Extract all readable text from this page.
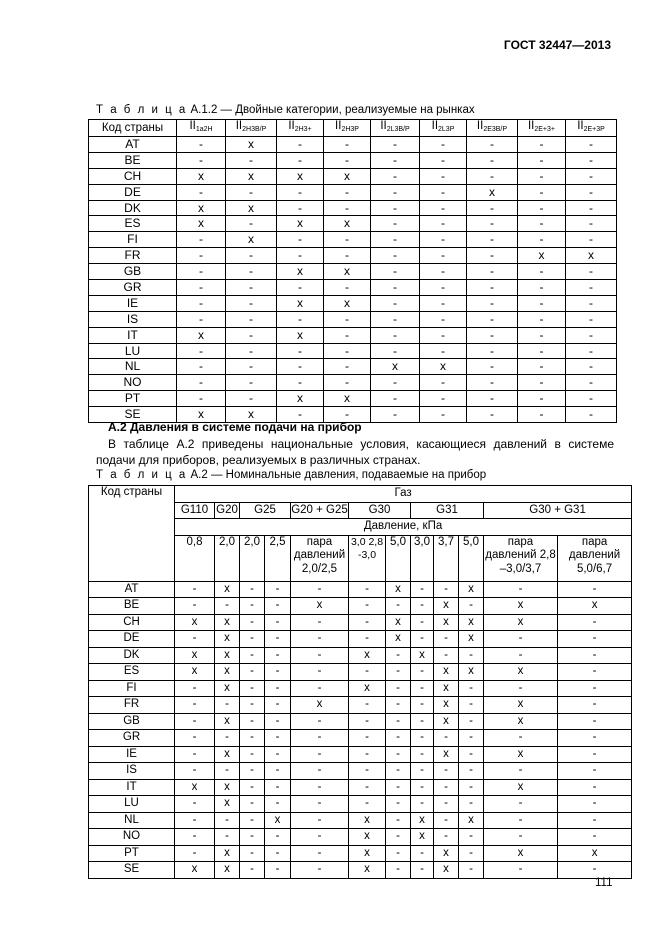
ГОСТ 32447—2013
Т а б л и ц а А.1.2 — Двойные категории, реализуемые на рынках
Код страны	$II_{1a2H}$	$II_{2H3B/P}$	$II_{2H3+}$	$II_{2H3P}$	$II_{2L3B/P}$	$II_{2L3P}$	$II_{2E3B/P}$	$II_{2E+3+}$	$II_{2E+3P}$
AT	-	x	-	-	-	-	-	-	-
BE	-	-	-	-	-	-	-	-	-
CH	x	x	x	x	-	-	-	-	-
DE	-	-	-	-	-	-	x	-	-
DK	x	x	-	-	-	-	-	-	-
ES	x	-	x	x	-	-	-	-	-
FI	-	x	-	-	-	-	-	-	-
FR	-	-	-	-	-	-	-	x	x
GB	-	-	x	x	-	-	-	-	-
GR	-	-	-	-	-	-	-	-	-
IE	-	-	x	x	-	-	-	-	-
IS	-	-	-	-	-	-	-	-	-
IT	x	-	x	-	-	-	-	-	-
LU	-	-	-	-	-	-	-	-	-
NL	-	-	-	-	x	x	-	-	-
NO	-	-	-	-	-	-	-	-	-
PT	-	-	x	x	-	-	-	-	-
SE	x	x	-	-	-	-	-	-	-
А.2 Давления в системе подачи на прибор
В таблице А.2 приведены национальные условия, касающиеся давлений в системе подачи для приборов, реализуемых в различных странах.
Т а б л и ц а А.2 — Номинальные давления, подаваемые на прибор
Код страны	Газ											
	G110	G20	G25		G20 + G25	G30		G31			G30 + G31	
	Давление, кПа											
	0,8	2,0	2,0	2,5	пара давлений 2,0/2,5	3,0 2,8 -3,0	5,0	3,0	3,7	5,0	пара давлений 2,8 –3,0/3,7	пара давлений 5,0/6,7
AT	-	x	-	-	-	-	x	-	-	x	-	-
BE	-	-	-	-	x	-	-	-	x	-	x	x
CH	x	x	-	-	-	-	x	-	x	x	x	-
DE	-	x	-	-	-	-	x	-	-	x	-	-
DK	x	x	-	-	-	x	-	x	-	-	-	-
ES	x	x	-	-	-	-	-	-	x	x	x	-
FI	-	x	-	-	-	x	-	-	x	-	-	-
FR	-	-	-	-	x	-	-	-	x	-	x	-
GB	-	x	-	-	-	-	-	-	x	-	x	-
GR	-	-	-	-	-	-	-	-	-	-	-	-
IE	-	x	-	-	-	-	-	-	x	-	x	-
IS	-	-	-	-	-	-	-	-	-	-	-	-
IT	x	x	-	-	-	-	-	-	-	-	x	-
LU	-	x	-	-	-	-	-	-	-	-	-	-
NL	-	-	-	x	-	x	-	x	-	x	-	-
NO	-	-	-	-	-	x	-	x	-	-	-	-
PT	-	x	-	-	-	x	-	-	x	-	x	x
SE	x	x	-	-	-	x	-	-	x	-	-	-
111
